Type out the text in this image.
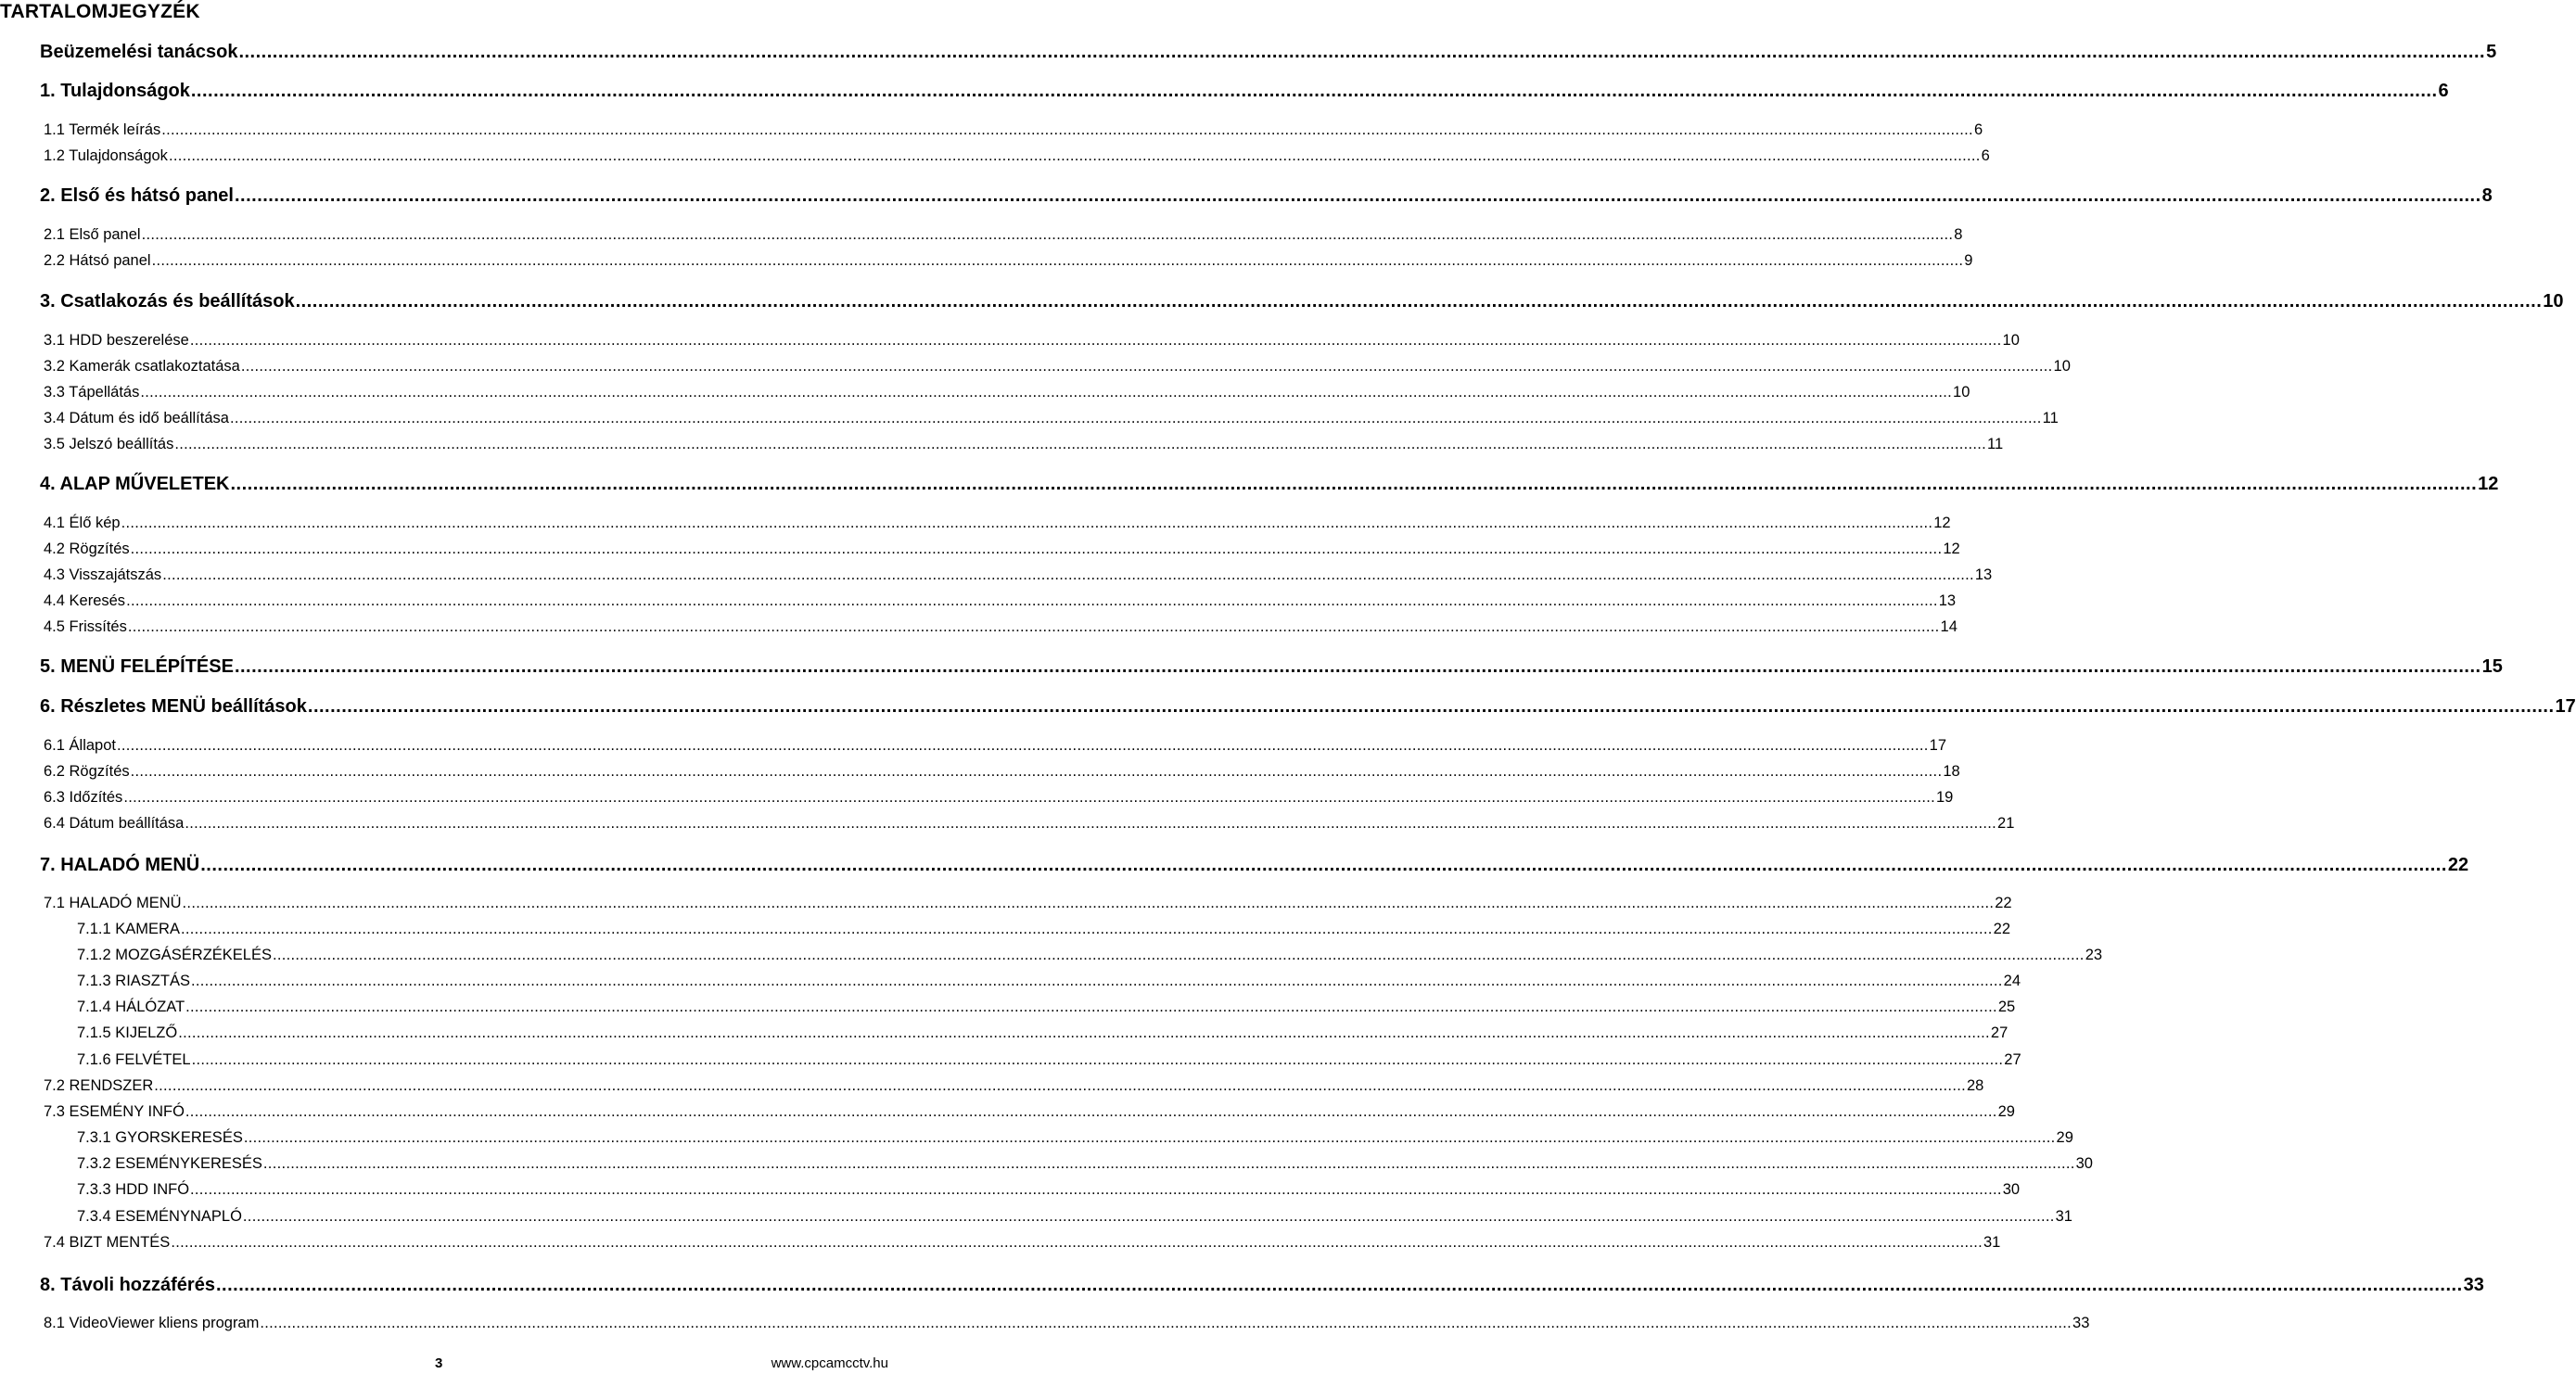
TARTALOMJEGYZÉK
Beüzemelési tanácsok ................................................................................................................................................................................................................................................................................................................................................................................................................ 5
1. Tulajdonságok ................................................................................................................................................................................................................................................................................................................................................................................................................ 6
1.1 Termék leírás ................................................................................................................................................................................................................................................................................................................................................................................................................ 6
1.2 Tulajdonságok ................................................................................................................................................................................................................................................................................................................................................................................................................ 6
2. Első és hátsó panel ................................................................................................................................................................................................................................................................................................................................................................................................................ 8
2.1 Első panel ................................................................................................................................................................................................................................................................................................................................................................................................................ 8
2.2 Hátsó panel ................................................................................................................................................................................................................................................................................................................................................................................................................ 9
3. Csatlakozás és beállítások ................................................................................................................................................................................................................................................................................................................................................................................................................ 10
3.1 HDD beszerelése ................................................................................................................................................................................................................................................................................................................................................................................................................ 10
3.2 Kamerák csatlakoztatása ................................................................................................................................................................................................................................................................................................................................................................................................................ 10
3.3 Tápellátás ................................................................................................................................................................................................................................................................................................................................................................................................................ 10
3.4 Dátum és idő beállítása ................................................................................................................................................................................................................................................................................................................................................................................................................ 11
3.5 Jelszó beállítás ................................................................................................................................................................................................................................................................................................................................................................................................................ 11
4. ALAP MŰVELETEK ................................................................................................................................................................................................................................................................................................................................................................................................................ 12
4.1 Élő kép ................................................................................................................................................................................................................................................................................................................................................................................................................ 12
4.2 Rögzítés ................................................................................................................................................................................................................................................................................................................................................................................................................ 12
4.3 Visszajátszás ................................................................................................................................................................................................................................................................................................................................................................................................................ 13
4.4 Keresés ................................................................................................................................................................................................................................................................................................................................................................................................................ 13
4.5 Frissítés ................................................................................................................................................................................................................................................................................................................................................................................................................ 14
5. MENÜ FELÉPÍTÉSE ................................................................................................................................................................................................................................................................................................................................................................................................................ 15
6. Részletes MENÜ beállítások ................................................................................................................................................................................................................................................................................................................................................................................................................ 17
6.1 Állapot ................................................................................................................................................................................................................................................................................................................................................................................................................ 17
6.2 Rögzítés ................................................................................................................................................................................................................................................................................................................................................................................................................ 18
6.3 Időzítés ................................................................................................................................................................................................................................................................................................................................................................................................................ 19
6.4 Dátum beállítása ................................................................................................................................................................................................................................................................................................................................................................................................................ 21
7. HALADÓ MENÜ ................................................................................................................................................................................................................................................................................................................................................................................................................ 22
7.1 HALADÓ MENÜ ................................................................................................................................................................................................................................................................................................................................................................................................................ 22
7.1.1 KAMERA ................................................................................................................................................................................................................................................................................................................................................................................................................ 22
7.1.2 MOZGÁSÉRZÉKELÉS ................................................................................................................................................................................................................................................................................................................................................................................................................ 23
7.1.3 RIASZTÁS ................................................................................................................................................................................................................................................................................................................................................................................................................ 24
7.1.4 HÁLÓZAT ................................................................................................................................................................................................................................................................................................................................................................................................................ 25
7.1.5 KIJELZŐ ................................................................................................................................................................................................................................................................................................................................................................................................................ 27
7.1.6 FELVÉTEL ................................................................................................................................................................................................................................................................................................................................................................................................................ 27
7.2 RENDSZER ................................................................................................................................................................................................................................................................................................................................................................................................................ 28
7.3 ESEMÉNY INFÓ ................................................................................................................................................................................................................................................................................................................................................................................................................ 29
7.3.1 GYORSKERESÉS ................................................................................................................................................................................................................................................................................................................................................................................................................ 29
7.3.2 ESEMÉNYKERESÉS ................................................................................................................................................................................................................................................................................................................................................................................................................ 30
7.3.3 HDD INFÓ ................................................................................................................................................................................................................................................................................................................................................................................................................ 30
7.3.4 ESEMÉNYNAPLÓ ................................................................................................................................................................................................................................................................................................................................................................................................................ 31
7.4 BIZT MENTÉS ................................................................................................................................................................................................................................................................................................................................................................................................................ 31
8. Távoli hozzáférés ................................................................................................................................................................................................................................................................................................................................................................................................................ 33
8.1 VideoViewer kliens program ................................................................................................................................................................................................................................................................................................................................................................................................................ 33
3	www.cpcamcctv.hu
